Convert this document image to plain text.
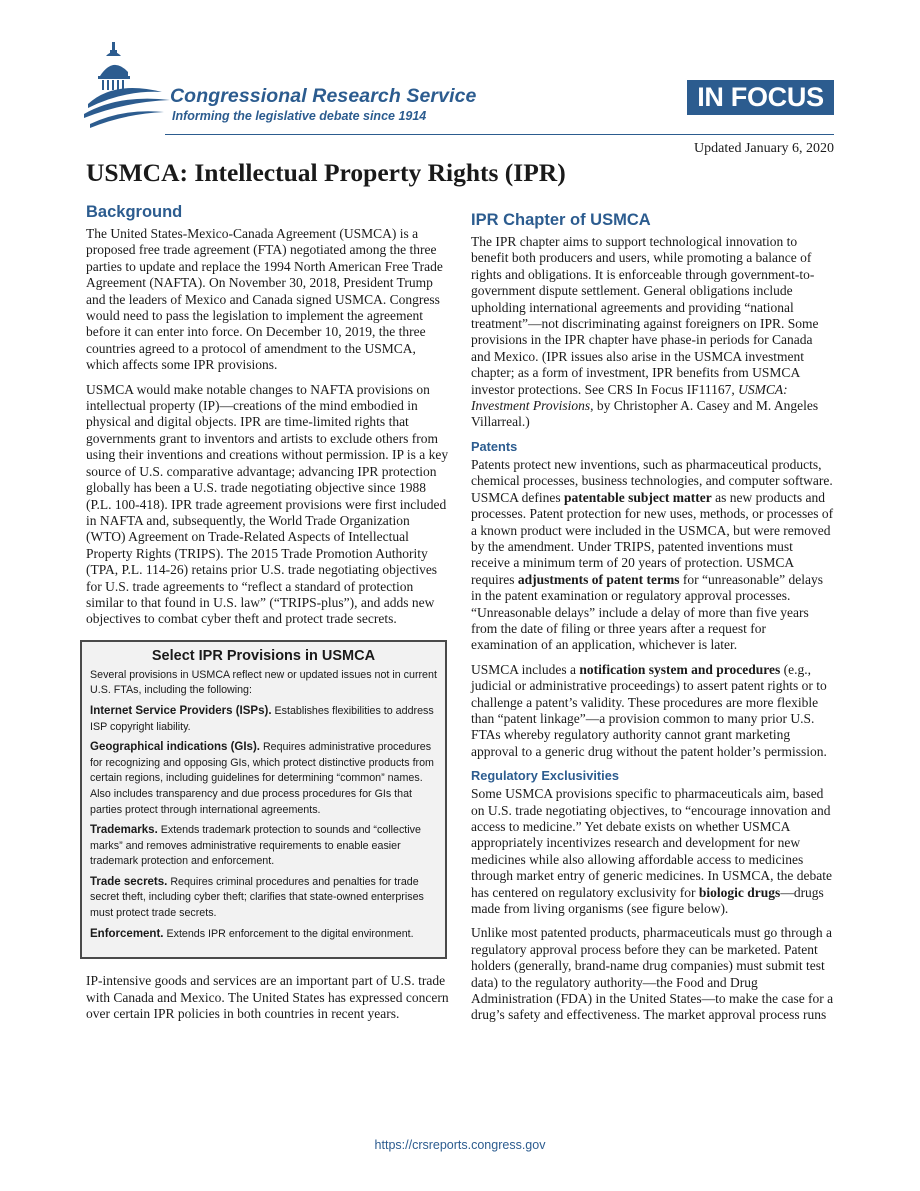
Congressional Research Service
Informing the legislative debate since 1914
IN FOCUS
Updated January 6, 2020
USMCA: Intellectual Property Rights (IPR)
Background

The United States-Mexico-Canada Agreement (USMCA) is a proposed free trade agreement (FTA) negotiated among the three parties to update and replace the 1994 North American Free Trade Agreement (NAFTA). On November 30, 2018, President Trump and the leaders of Mexico and Canada signed USMCA. Congress would need to pass the legislation to implement the agreement before it can enter into force. On December 10, 2019, the three countries agreed to a protocol of amendment to the USMCA, which affects some IPR provisions.

USMCA would make notable changes to NAFTA provisions on intellectual property (IP)—creations of the mind embodied in physical and digital objects. IPR are time-limited rights that governments grant to inventors and artists to exclude others from using their inventions and creations without permission. IP is a key source of U.S. comparative advantage; advancing IPR protection globally has been a U.S. trade negotiating objective since 1988 (P.L. 100-418). IPR trade agreement provisions were first included in NAFTA and, subsequently, the World Trade Organization (WTO) Agreement on Trade-Related Aspects of Intellectual Property Rights (TRIPS). The 2015 Trade Promotion Authority (TPA, P.L. 114-26) retains prior U.S. trade negotiating objectives for U.S. trade agreements to “reflect a standard of protection similar to that found in U.S. law” (“TRIPS-plus”), and adds new objectives to combat cyber theft and protect trade secrets.

Select IPR Provisions in USMCA

Several provisions in USMCA reflect new or updated issues not in current U.S. FTAs, including the following:

Internet Service Providers (ISPs). Establishes flexibilities to address ISP copyright liability.

Geographical indications (GIs). Requires administrative procedures for recognizing and opposing GIs, which protect distinctive products from certain regions, including guidelines for determining “common” names. Also includes transparency and due process procedures for GIs that parties protect through international agreements.

Trademarks. Extends trademark protection to sounds and “collective marks” and removes administrative requirements to enable easier trademark protection and enforcement.

Trade secrets. Requires criminal procedures and penalties for trade secret theft, including cyber theft; clarifies that state-owned enterprises must protect trade secrets.

Enforcement. Extends IPR enforcement to the digital environment.

IP-intensive goods and services are an important part of U.S. trade with Canada and Mexico. The United States has expressed concern over certain IPR policies in both countries in recent years.

IPR Chapter of USMCA

The IPR chapter aims to support technological innovation to benefit both producers and users, while promoting a balance of rights and obligations. It is enforceable through government-to-government dispute settlement. General obligations include upholding international agreements and providing “national treatment”—not discriminating against foreigners on IPR. Some provisions in the IPR chapter have phase-in periods for Canada and Mexico. (IPR issues also arise in the USMCA investment chapter; as a form of investment, IPR benefits from USMCA investor protections. See CRS In Focus IF11167, USMCA: Investment Provisions, by Christopher A. Casey and M. Angeles Villarreal.)

Patents

Patents protect new inventions, such as pharmaceutical products, chemical processes, business technologies, and computer software. USMCA defines patentable subject matter as new products and processes. Patent protection for new uses, methods, or processes of a known product were included in the USMCA, but were removed by the amendment. Under TRIPS, patented inventions must receive a minimum term of 20 years of protection. USMCA requires adjustments of patent terms for “unreasonable” delays in the patent examination or regulatory approval processes. “Unreasonable delays” include a delay of more than five years from the date of filing or three years after a request for examination of an application, whichever is later.

USMCA includes a notification system and procedures (e.g., judicial or administrative proceedings) to assert patent rights or to challenge a patent’s validity. These procedures are more flexible than “patent linkage”—a provision common to many prior U.S. FTAs whereby regulatory authority cannot grant marketing approval to a generic drug without the patent holder’s permission.

Regulatory Exclusivities

Some USMCA provisions specific to pharmaceuticals aim, based on U.S. trade negotiating objectives, to “encourage innovation and access to medicine.” Yet debate exists on whether USMCA appropriately incentivizes research and development for new medicines while also allowing affordable access to medicines through market entry of generic medicines. In USMCA, the debate has centered on regulatory exclusivity for biologic drugs—drugs made from living organisms (see figure below).

Unlike most patented products, pharmaceuticals must go through a regulatory approval process before they can be marketed. Patent holders (generally, brand-name drug companies) must submit test data) to the regulatory authority—the Food and Drug Administration (FDA) in the United States—to make the case for a drug’s safety and effectiveness. The market approval process runs

https://crsreports.congress.gov
